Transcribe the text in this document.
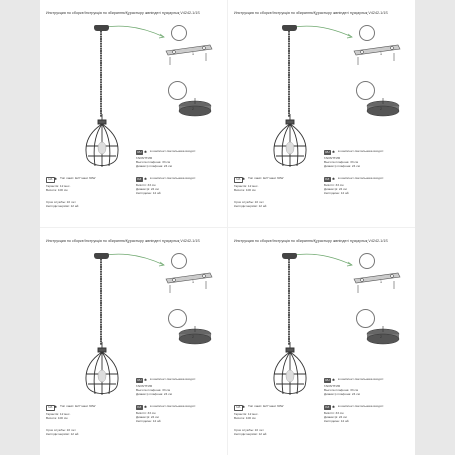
Инструкция по сборке/Інструкція по збиранню/Құрастыру жөніндегі нұсқаулық V4242-1/1S
1
2
RU ✱ в комплект светильника входят:
ГАРАНТИЯ
Высота плафона: 33 см
Диаметр плафона: 24 см
UA ✱ Тип ламп: E27 макс 60W
Гарантія: 12 мес.
Висота: 100 см
KZ ✱ в комплект светильника входят:
Биіктігі: 33 см
Диаметрі: 24 см
Кепілдеме: 12 ай
Срок службы: 10 лет
Кепілдік мерзімі: 12 ай
Инструкция по сборке/Інструкція по збиранню/Құрастыру жөніндегі нұсқаулық V4242-1/1S
1
2
RU ✱ в комплект светильника входят:
ГАРАНТИЯ
Высота плафона: 33 см
Диаметр плафона: 24 см
UA ✱ Тип ламп: E27 макс 60W
Гарантія: 12 мес.
Висота: 100 см
KZ ✱ в комплект светильника входят:
Биіктігі: 33 см
Диаметрі: 24 см
Кепілдеме: 12 ай
Срок службы: 10 лет
Кепілдік мерзімі: 12 ай
Инструкция по сборке/Інструкція по збиранню/Құрастыру жөніндегі нұсқаулық V4242-1/1S
1
2
RU ✱ в комплект светильника входят:
ГАРАНТИЯ
Высота плафона: 33 см
Диаметр плафона: 24 см
UA ✱ Тип ламп: E27 макс 60W
Гарантія: 12 мес.
Висота: 100 см
KZ ✱ в комплект светильника входят:
Биіктігі: 33 см
Диаметрі: 24 см
Кепілдеме: 12 ай
Срок службы: 10 лет
Кепілдік мерзімі: 12 ай
Инструкция по сборке/Інструкція по збиранню/Құрастыру жөніндегі нұсқаулық V4242-1/1S
1
2
RU ✱ в комплект светильника входят:
ГАРАНТИЯ
Высота плафона: 33 см
Диаметр плафона: 24 см
UA ✱ Тип ламп: E27 макс 60W
Гарантія: 12 мес.
Висота: 100 см
KZ ✱ в комплект светильника входят:
Биіктігі: 33 см
Диаметрі: 24 см
Кепілдеме: 12 ай
Срок службы: 10 лет
Кепілдік мерзімі: 12 ай
